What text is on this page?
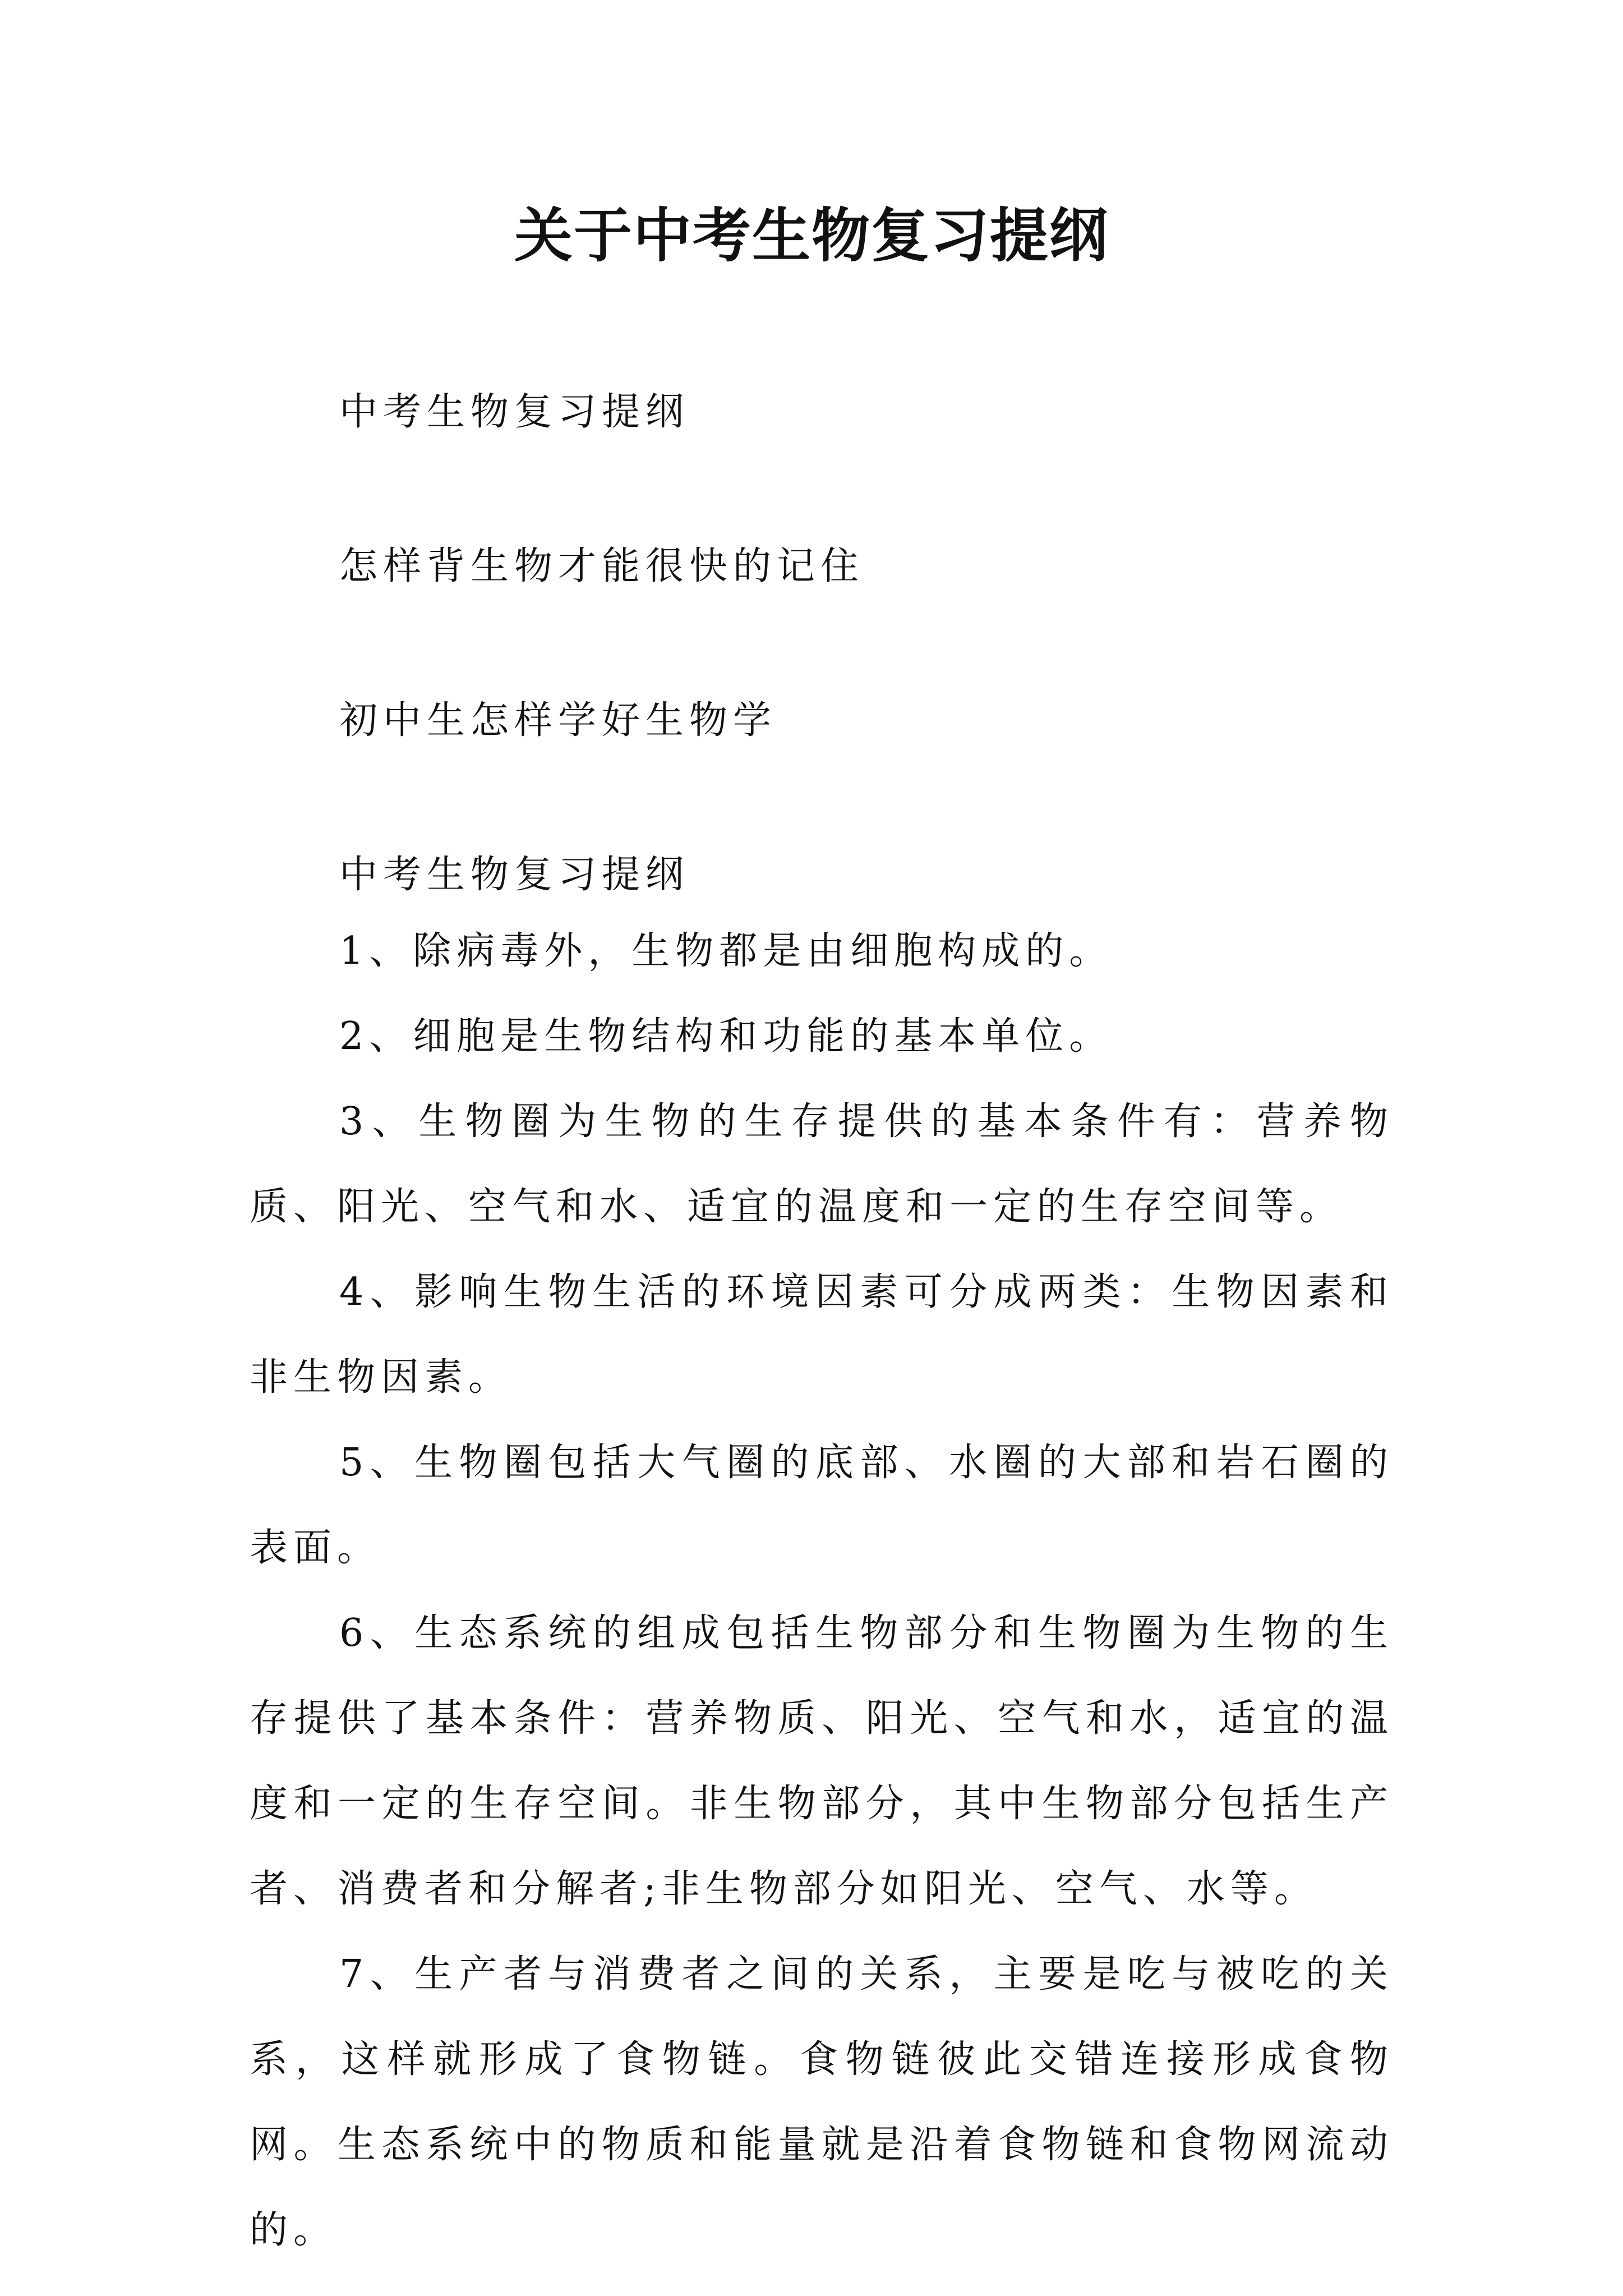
关于中考生物复习提纲
中考生物复习提纲
怎样背生物才能很快的记住
初中生怎样学好生物学
中考生物复习提纲

1、除病毒外，生物都是由细胞构成的。

2、细胞是生物结构和功能的基本单位。

3、生物圈为生物的生存提供的基本条件有：营养物质、阳光、空气和水、适宜的温度和一定的生存空间等。

4、影响生物生活的环境因素可分成两类：生物因素和非生物因素。

5、生物圈包括大气圈的底部、水圈的大部和岩石圈的表面。

6、生态系统的组成包括生物部分和生物圈为生物的生存提供了基本条件：营养物质、阳光、空气和水，适宜的温度和一定的生存空间。非生物部分，其中生物部分包括生产者、消费者和分解者;非生物部分如阳光、空气、水等。

7、生产者与消费者之间的关系，主要是吃与被吃的关系，这样就形成了食物链。食物链彼此交错连接形成食物网。生态系统中的物质和能量就是沿着食物链和食物网流动的。
